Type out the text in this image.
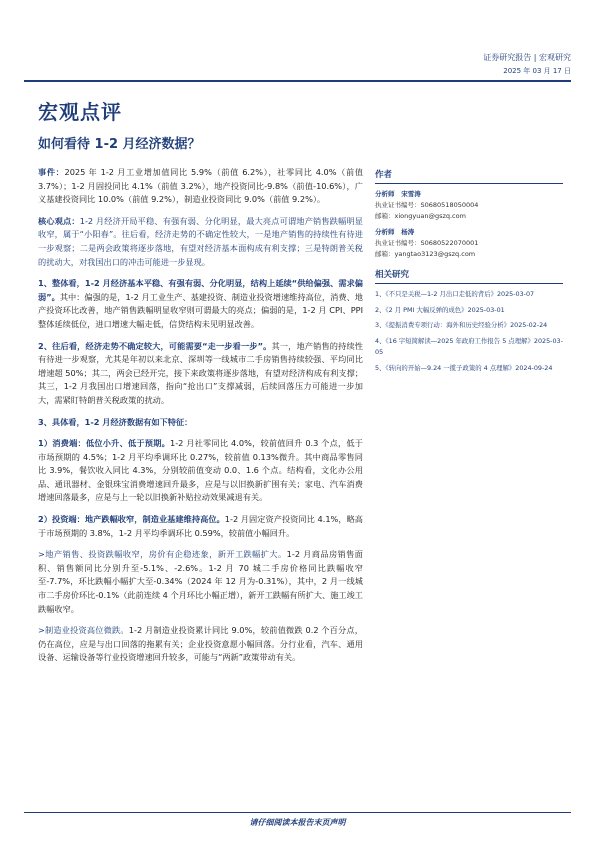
证券研究报告 | 宏观研究
2025 年 03 月 17 日
宏观点评
如何看待 1-2 月经济数据？

事件：2025 年 1-2 月工业增加值同比 5.9%（前值 6.2%），社零同比 4.0%（前值 3.7%）；1-2 月固投同比 4.1%（前值 3.2%），地产投资同比-9.8%（前值-10.6%），广义基建投资同比 10.0%（前值 9.2%），制造业投资同比 9.0%（前值 9.2%）。

核心观点：1-2 月经济开局平稳、有强有弱、分化明显，最大亮点可谓地产销售跌幅明显收窄，属于“小阳春”。往后看，经济走势的不确定性较大，一是地产销售的持续性有待进一步观察；二是两会政策将逐步落地，有望对经济基本面构成有利支撑；三是特朗普关税的扰动大，对我国出口的冲击可能进一步显现。

1、整体看，1-2 月经济基本平稳、有强有弱、分化明显，结构上延续“供给偏强、需求偏弱”。其中：偏强的是，1-2 月工业生产、基建投资、制造业投资增速维持高位，消费、地产投资环比改善，地产销售跌幅明显收窄则可谓最大的亮点；偏弱的是，1-2 月 CPI、PPI 整体延续低位，进口增速大幅走低，信贷结构未见明显改善。

2、往后看，经济走势不确定较大，可能需要“走一步看一步”。其一，地产销售的持续性有待进一步观察，尤其是年初以来北京、深圳等一线城市二手房销售持续较强、平均同比增速超 50%；其二，两会已经开完，接下来政策将逐步落地，有望对经济构成有利支撑；其三，1-2 月我国出口增速回落，指向“抢出口”支撑减弱，后续回落压力可能进一步加大，需紧盯特朗普关税政策的扰动。

3、具体看，1-2 月经济数据有如下特征：

1）消费端：低位小升、低于预期。1-2 月社零同比 4.0%，较前值回升 0.3 个点，低于市场预期的 4.5%；1-2 月平均季调环比 0.27%，较前值 0.13%微升。其中商品零售同比 3.9%，餐饮收入同比 4.3%，分别较前值变动 0.0、1.6 个点。结构看，文化办公用品、通讯器材、金银珠宝消费增速回升最多，应是与以旧换新扩围有关；家电、汽车消费增速回落最多，应是与上一轮以旧换新补贴拉动效果减退有关。

2）投资端：地产跌幅收窄，制造业基建维持高位。1-2 月固定资产投资同比 4.1%，略高于市场预期的 3.8%，1-2 月平均季调环比 0.59%，较前值小幅回升。

>地产销售、投资跌幅收窄，房价有企稳迹象，新开工跌幅扩大。1-2 月商品房销售面积、销售额同比分别升至-5.1%、-2.6%。1-2 月 70 城二手房价格同比跌幅收窄至-7.7%，环比跌幅小幅扩大至-0.34%（2024 年 12 月为-0.31%），其中，2 月一线城市二手房价环比-0.1%（此前连续 4 个月环比小幅正增），新开工跌幅有所扩大、施工竣工跌幅收窄。

>制造业投资高位微跌。1-2 月制造业投资累计同比 9.0%，较前值微跌 0.2 个百分点，仍在高位，应是与出口回落的拖累有关；企业投资意愿小幅回落。分行业看，汽车、通用设备、运输设备等行业投资增速回升较多，可能与“两新”政策带动有关。

作者
分析师 宋雪涛
执业证书编号：S0680518050004
邮箱：xiongyuan@gszq.com
分析师 杨涛
执业证书编号：S0680522070001
邮箱：yangtao3123@gszq.com
相关研究
1、《不只是关税—1-2 月出口走低的背后》2025-03-07
2、《2 月 PMI 大幅反弹的成色》2025-03-01
3、《提振消费专项行动：海外和历史经验分析》2025-02-24
4、《16 字短简解读—2025 年政府工作报告 5 点理解》2025-03-05
5、《转向的开始—9.24 一揽子政策的 4 点理解》2024-09-24
请仔细阅读本报告末页声明
